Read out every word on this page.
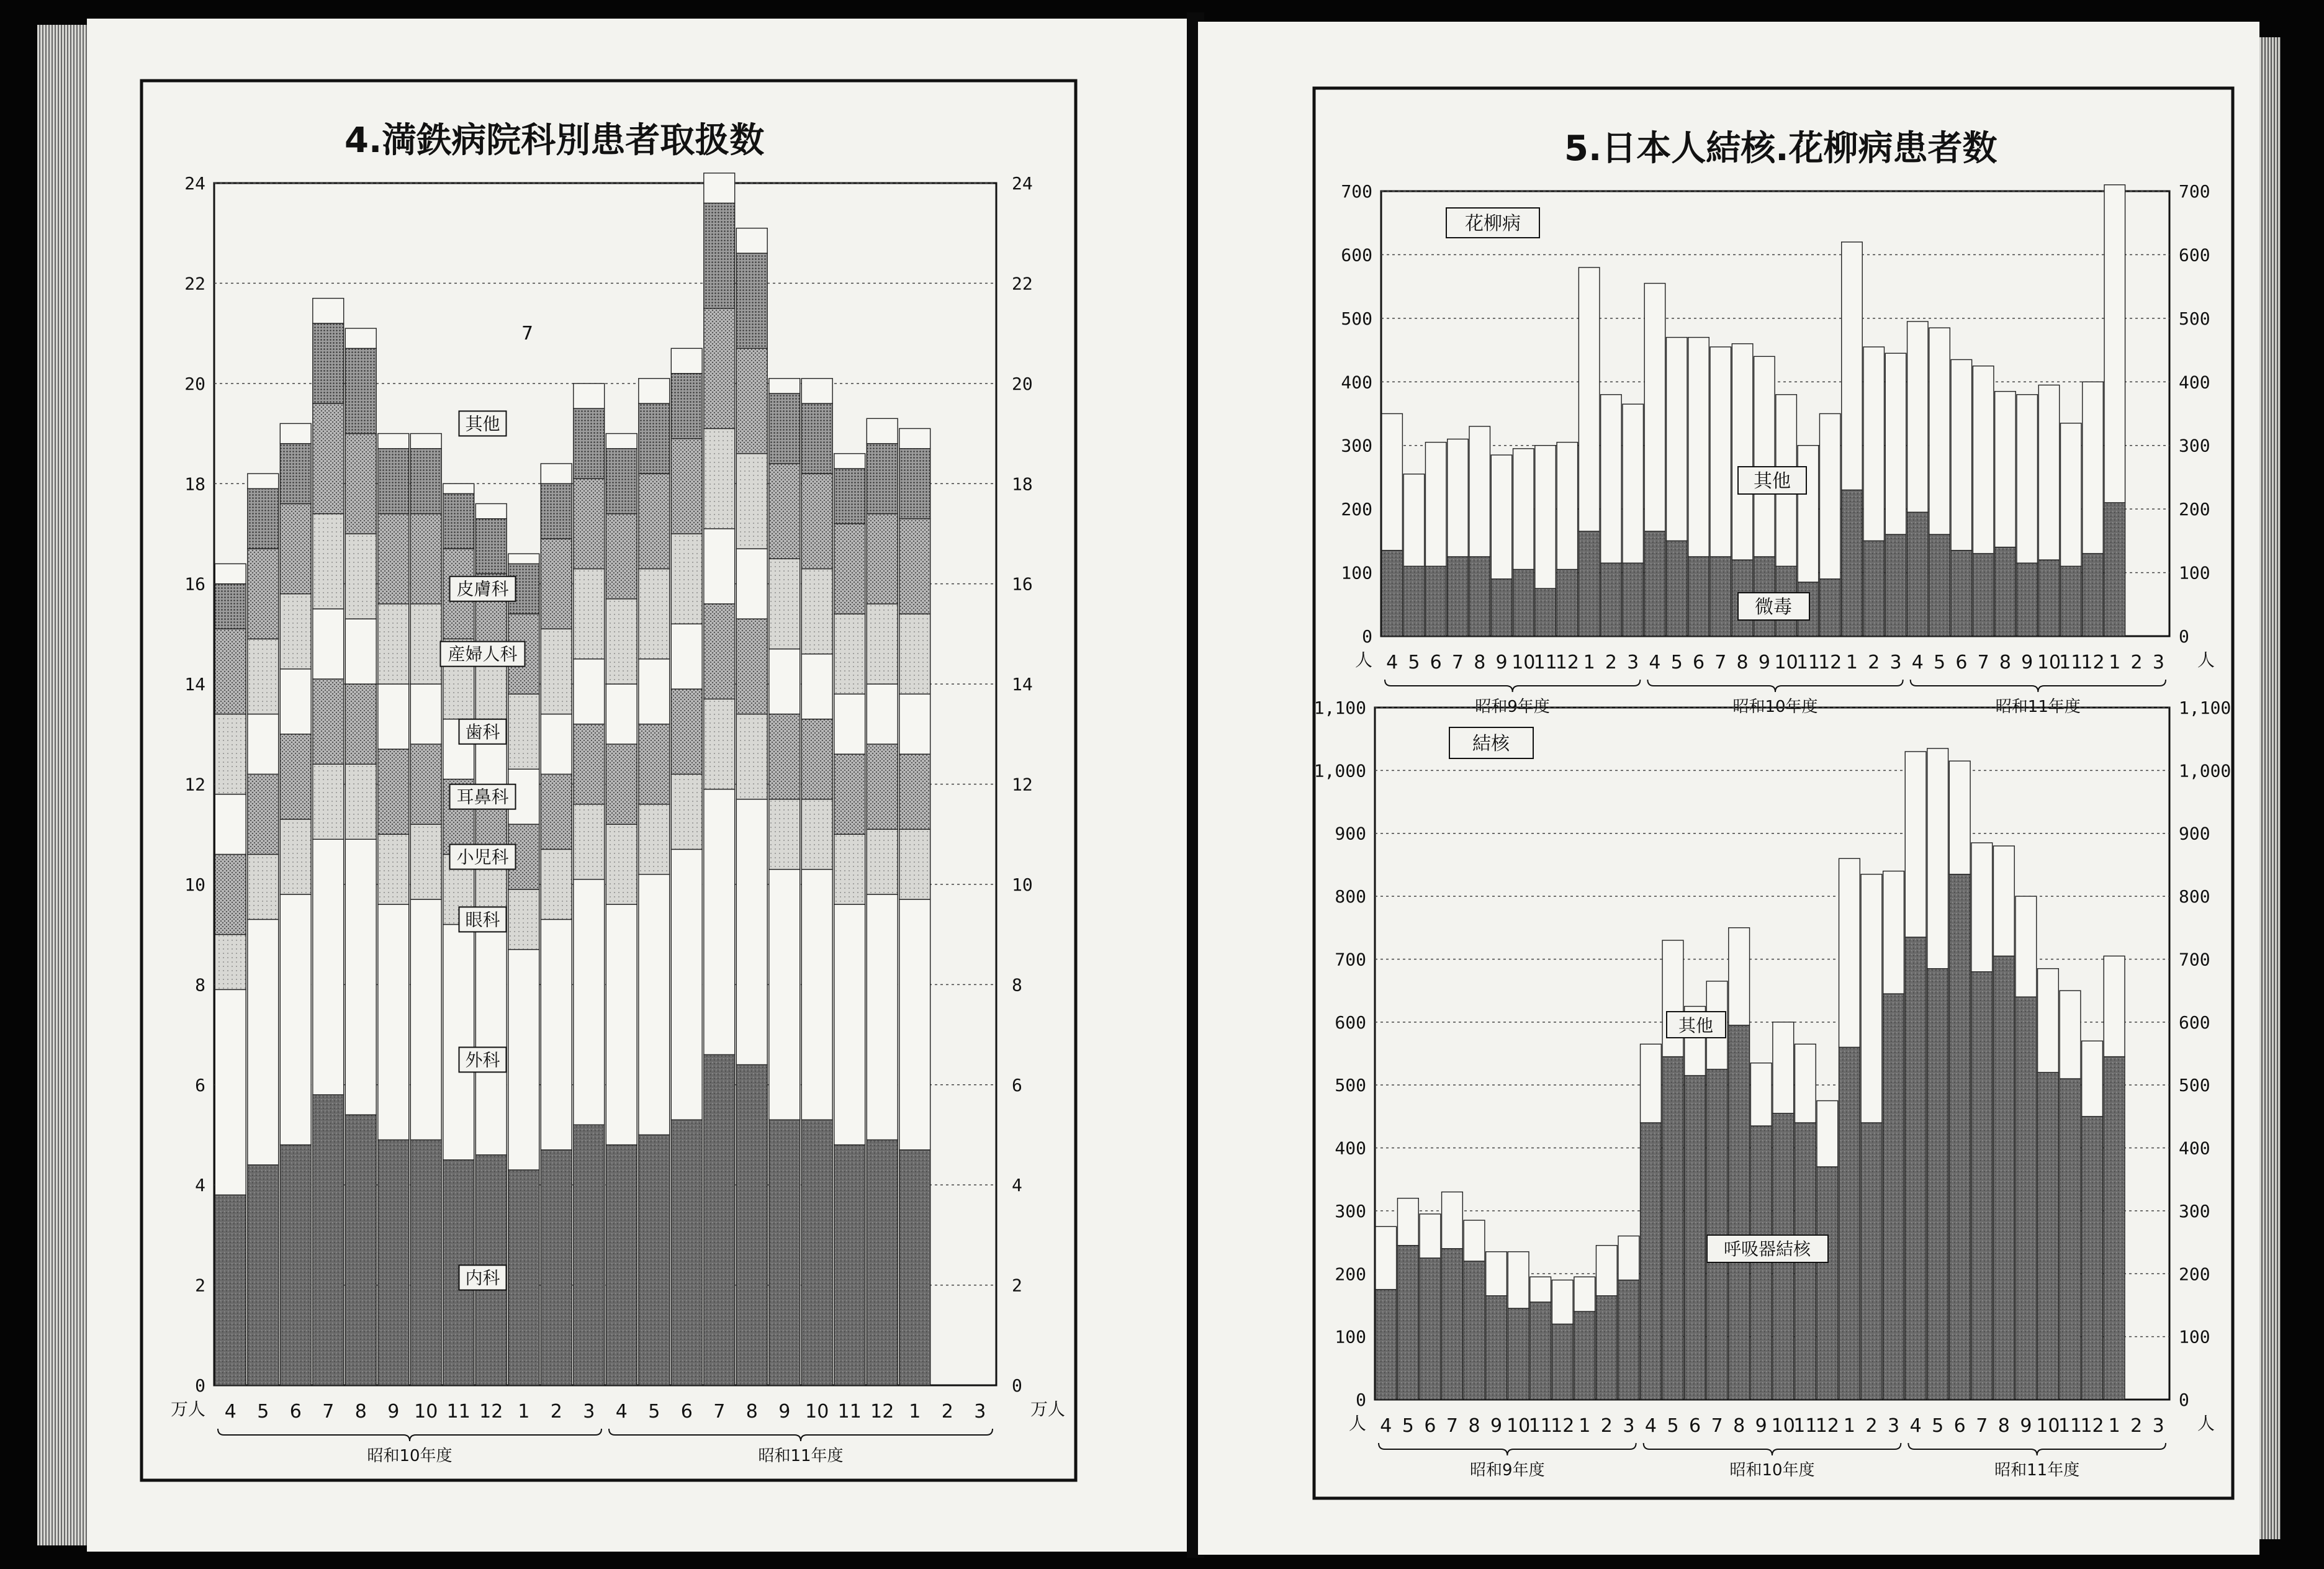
4.満鉄病院科別患者取扱数	5.日本人結核.花柳病患者数
0	0
2	2
4	4
6	6
8	8
10	10
12	12
14	14
16	16
18	18
20	20
22	22
24	24
万人	万人
4 5 6 7 8 9 10 11 12 1 2 3 4 5 6 7 8 9 10 11 12 1 2 3
昭和10年度	昭和11年度
内科
外科
眼科
小児科
耳鼻科
歯科
産婦人科
皮膚科
其他
0	0
100	100
200	200
300	300
400	400
500	500
600	600
700	700
人	人
4 5 6 7 8 9 10
11
12 1 2 3 4 5 6 7 8 9 10
11
12 1 2 3 4 5 6 7 8 9 10
11
12 1 2 3
昭和9年度	昭和10年度	昭和11年度
花柳病
其他
微毒
0	0
100	100
200	200
300	300
400	400
500	500
600	600
700	700
800	800
900	900
1,000	1,000
1,100	1,100
人	人
4 5 6 7 8 9 10
11
12 1 2 3 4 5 6 7 8 9 10
11
12 1 2 3 4 5 6 7 8 9 10
11
12 1 2 3
昭和9年度	昭和10年度	昭和11年度
結核
其他
呼吸器結核
7
